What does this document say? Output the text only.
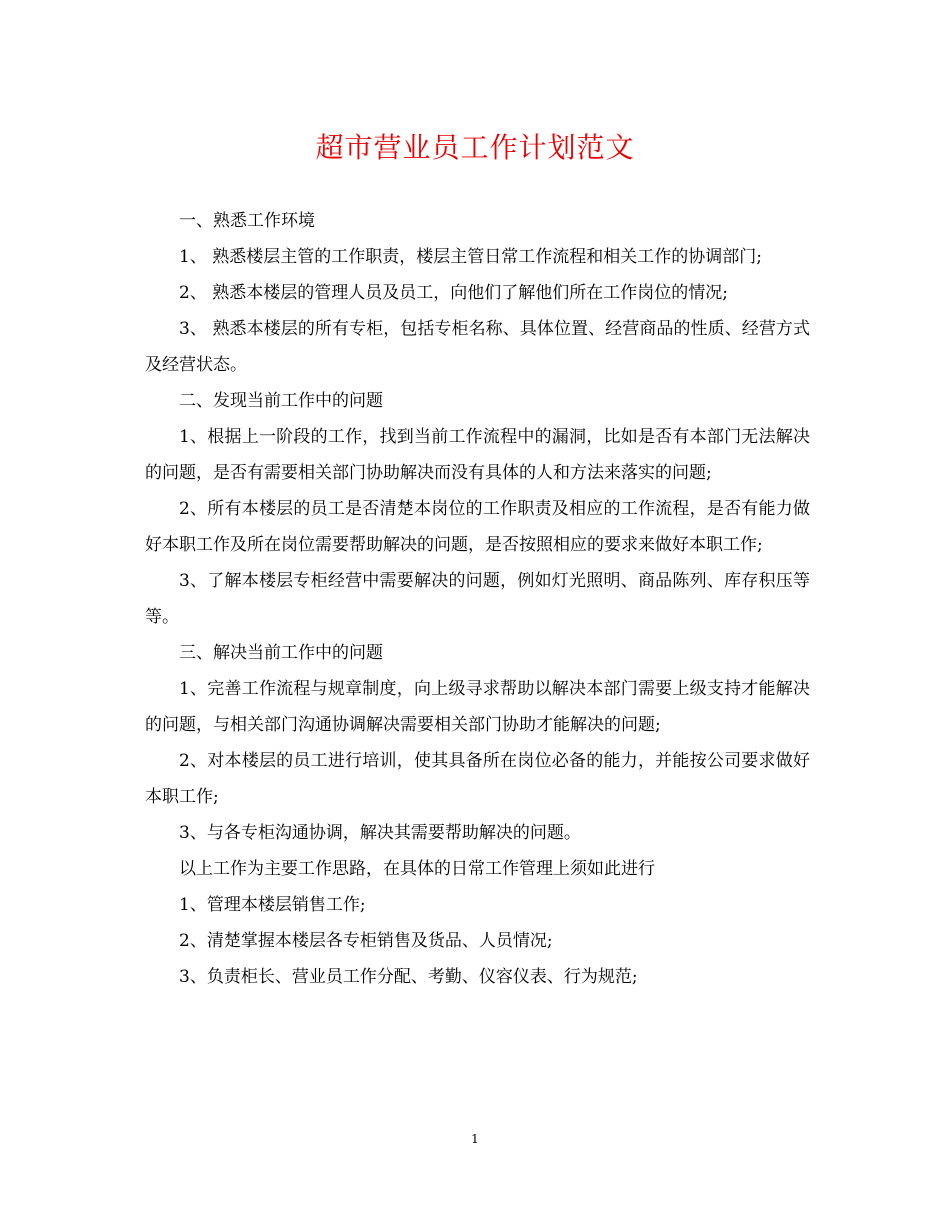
超市营业员工作计划范文

一、熟悉工作环境

1、 熟悉楼层主管的工作职责，楼层主管日常工作流程和相关工作的协调部门;

2、 熟悉本楼层的管理人员及员工，向他们了解他们所在工作岗位的情况;

3、 熟悉本楼层的所有专柜，包括专柜名称、具体位置、经营商品的性质、经营方式及经营状态。

二、发现当前工作中的问题

1、根据上一阶段的工作，找到当前工作流程中的漏洞，比如是否有本部门无法解决的问题，是否有需要相关部门协助解决而没有具体的人和方法来落实的问题;

2、所有本楼层的员工是否清楚本岗位的工作职责及相应的工作流程，是否有能力做好本职工作及所在岗位需要帮助解决的问题，是否按照相应的要求来做好本职工作;

3、了解本楼层专柜经营中需要解决的问题，例如灯光照明、商品陈列、库存积压等等。

三、解决当前工作中的问题

1、完善工作流程与规章制度，向上级寻求帮助以解决本部门需要上级支持才能解决的问题，与相关部门沟通协调解决需要相关部门协助才能解决的问题;

2、对本楼层的员工进行培训，使其具备所在岗位必备的能力，并能按公司要求做好本职工作;

3、与各专柜沟通协调，解决其需要帮助解决的问题。

以上工作为主要工作思路，在具体的日常工作管理上须如此进行

1、管理本楼层销售工作;

2、清楚掌握本楼层各专柜销售及货品、人员情况;

3、负责柜长、营业员工作分配、考勤、仪容仪表、行为规范;

1
